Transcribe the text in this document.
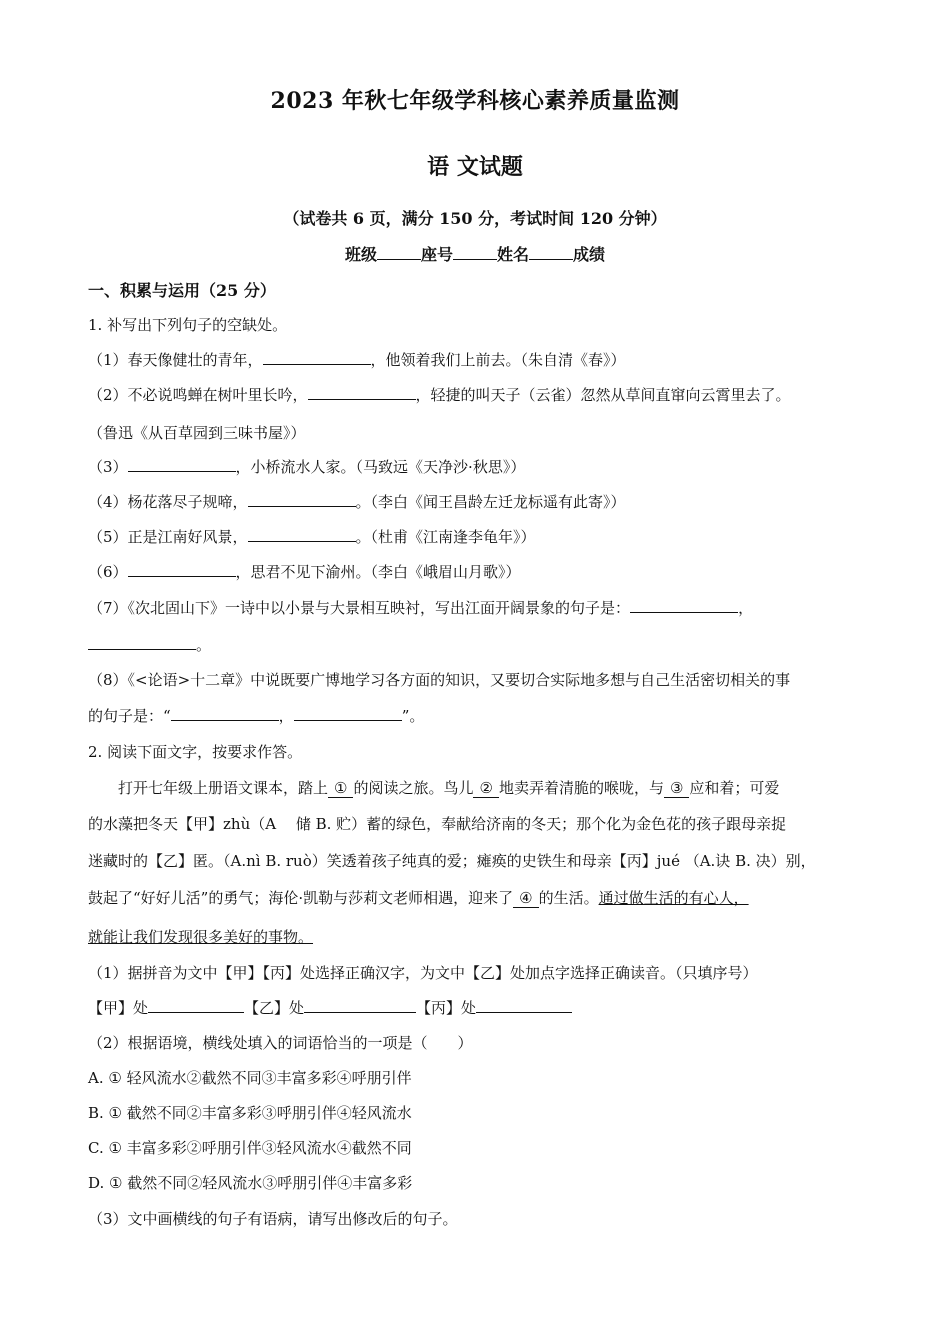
2023 年秋七年级学科核心素养质量监测
语 文试题
（试卷共 6 页，满分 150 分，考试时间 120 分钟）
班级	座号	姓名	成绩
一、积累与运用（25 分）
1. 补写出下列句子的空缺处。
（1）春天像健壮的青年，	，他领着我们上前去。（朱自清《春》）
（2）不必说鸣蝉在树叶里长吟，	，轻捷的叫天子（云雀）忽然从草间直窜向云霄里去了。
（鲁迅《从百草园到三味书屋》）
（3）	，小桥流水人家。（马致远《天净沙·秋思》）
（4）杨花落尽子规啼，	。（李白《闻王昌龄左迁龙标遥有此寄》）
（5）正是江南好风景，	。（杜甫《江南逢李龟年》）
（6）	，思君不见下渝州。（李白《峨眉山月歌》）
（7）《次北固山下》一诗中以小景与大景相互映衬，写出江面开阔景象的句子是：	，
。
（8）《<论语>十二章》中说既要广博地学习各方面的知识，又要切合实际地多想与自己生活密切相关的事
的句子是：“	，	”。
2. 阅读下面文字，按要求作答。
打开七年级上册语文课本，踏上 ① 的阅读之旅。鸟儿 ② 地卖弄着清脆的喉咙，与 ③ 应和着；可爱
的水藻把冬天【甲】zhù（A　 储 B. 贮）蓄的绿色，奉献给济南的冬天；那个化为金色花的孩子跟母亲捉
迷藏时的【乙】匿。（A.nì B. ruò）笑透着孩子纯真的爱；瘫痪的史铁生和母亲【丙】jué （A.诀 B. 决）别，
鼓起了“好好儿活”的勇气；海伦·凯勒与莎莉文老师相遇，迎来了 ④ 的生活。通过做生活的有心人，
就能让我们发现很多美好的事物。
（1）据拼音为文中【甲】【丙】处选择正确汉字，为文中【乙】处加点字选择正确读音。（只填序号）
【甲】处	【乙】处	【丙】处
（2）根据语境，横线处填入的词语恰当的一项是（　　）
A. ① 轻风流水②截然不同③丰富多彩④呼朋引伴
B. ① 截然不同②丰富多彩③呼朋引伴④轻风流水
C. ① 丰富多彩②呼朋引伴③轻风流水④截然不同
D. ① 截然不同②轻风流水③呼朋引伴④丰富多彩
（3）文中画横线的句子有语病，请写出修改后的句子。
